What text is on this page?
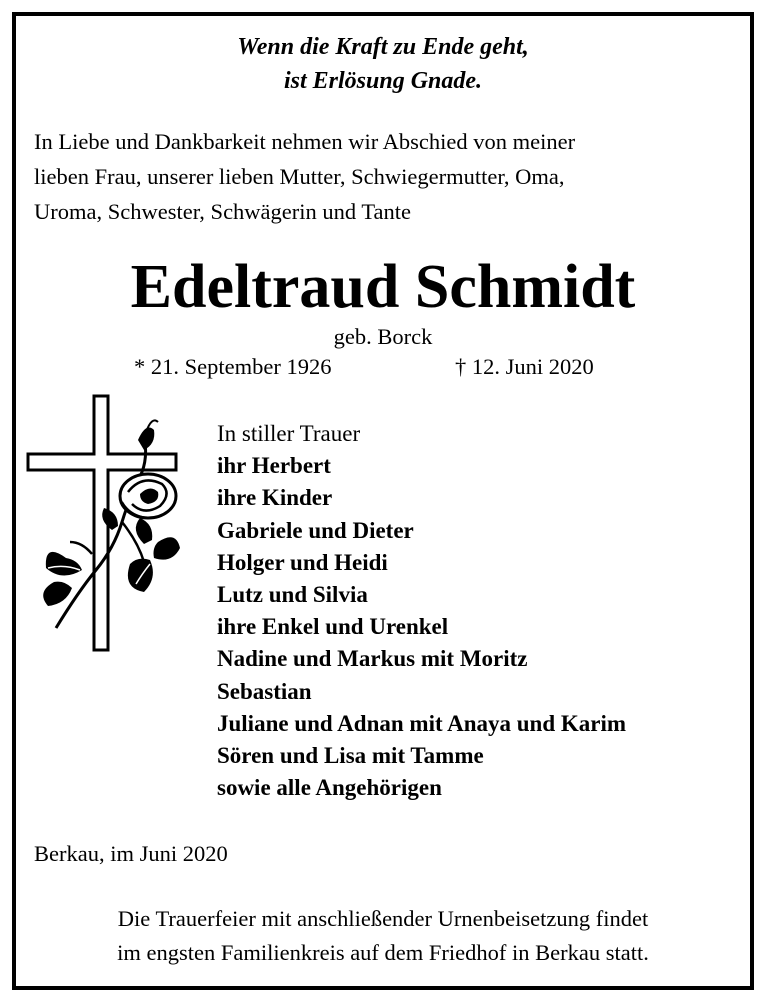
Wenn die Kraft zu Ende geht,
ist Erlösung Gnade.
In Liebe und Dankbarkeit nehmen wir Abschied von meiner
lieben Frau, unserer lieben Mutter, Schwiegermutter, Oma,
Uroma, Schwester, Schwägerin und Tante
Edeltraud Schmidt
geb. Borck
* 21. September 1926	† 12. Juni 2020
In stiller Trauer
ihr Herbert
ihre Kinder
Gabriele und Dieter
Holger und Heidi
Lutz und Silvia
ihre Enkel und Urenkel
Nadine und Markus mit Moritz
Sebastian
Juliane und Adnan mit Anaya und Karim
Sören und Lisa mit Tamme
sowie alle Angehörigen
Berkau, im Juni 2020
Die Trauerfeier mit anschließender Urnenbeisetzung findet
im engsten Familienkreis auf dem Friedhof in Berkau statt.
